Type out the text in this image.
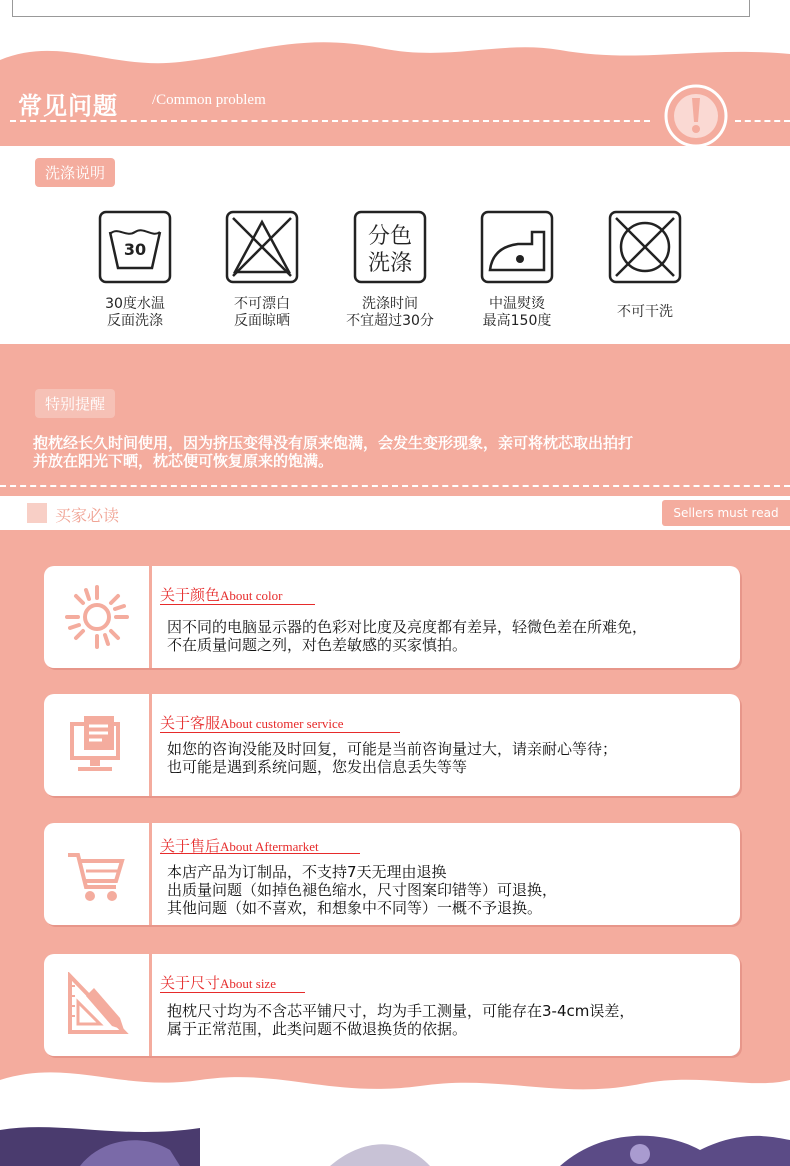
常见问题 /Common problem
洗涤说明
30
30度水温
反面洗涤
不可漂白
反面晾晒
分色
洗涤
洗涤时间
不宜超过30分
中温熨烫
最高150度
不可干洗
特别提醒
抱枕经长久时间使用，因为挤压变得没有原来饱满，会发生变形现象，亲可将枕芯取出拍打
并放在阳光下晒，枕芯便可恢复原来的饱满。
买家必读	Sellers must read
关于颜色About color
因不同的电脑显示器的色彩对比度及亮度都有差异，轻微色差在所难免，
不在质量问题之列，对色差敏感的买家慎拍。
关于客服About customer service
如您的咨询没能及时回复，可能是当前咨询量过大，请亲耐心等待；
也可能是遇到系统问题，您发出信息丢失等等
关于售后About Aftermarket
本店产品为订制品，不支持7天无理由退换
出质量问题（如掉色褪色缩水，尺寸图案印错等）可退换，
其他问题（如不喜欢，和想象中不同等）一概不予退换。
关于尺寸About size
抱枕尺寸均为不含芯平铺尺寸，均为手工测量，可能存在3-4cm误差，
属于正常范围，此类问题不做退换货的依据。
